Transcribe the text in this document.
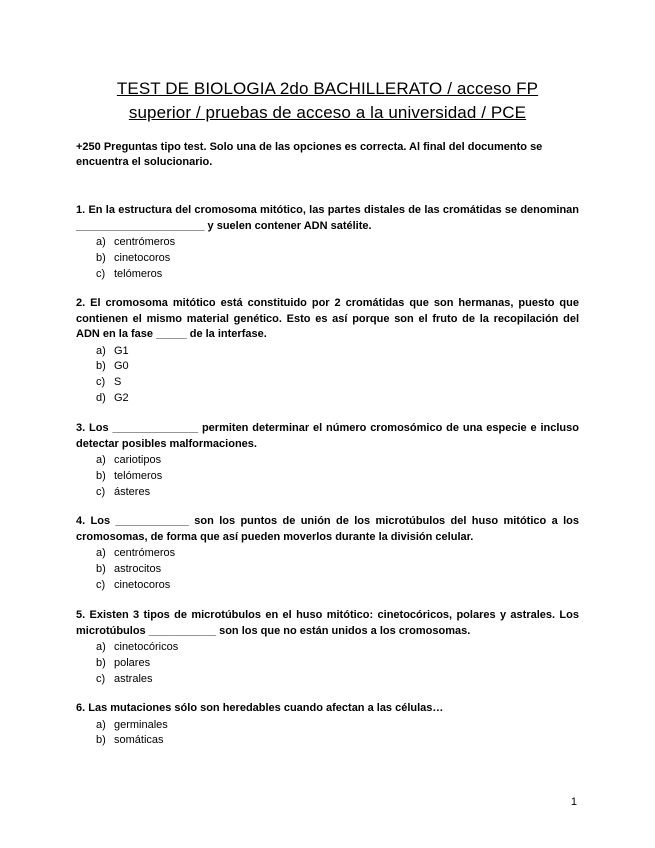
TEST DE BIOLOGIA 2do BACHILLERATO / acceso FP
superior / pruebas de acceso a la universidad / PCE
+250 Preguntas tipo test. Solo una de las opciones es correcta. Al final del documento se encuentra el solucionario.
1. En la estructura del cromosoma mitótico, las partes distales de las cromátidas se denominan _____________________ y suelen contener ADN satélite.
a) centrómeros
b) cinetocoros
c) telómeros
2. El cromosoma mitótico está constituido por 2 cromátidas que son hermanas, puesto que contienen el mismo material genético. Esto es así porque son el fruto de la recopilación del ADN en la fase _____ de la interfase.
a) G1
b) G0
c) S
d) G2
3. Los ______________ permiten determinar el número cromosómico de una especie e incluso detectar posibles malformaciones.
a) cariotipos
b) telómeros
c) ásteres
4. Los ____________ son los puntos de unión de los microtúbulos del huso mitótico a los cromosomas, de forma que así pueden moverlos durante la división celular.
a) centrómeros
b) astrocitos
c) cinetocoros
5. Existen 3 tipos de microtúbulos en el huso mitótico: cinetocóricos, polares y astrales. Los microtúbulos ___________ son los que no están unidos a los cromosomas.
a) cinetocóricos
b) polares
c) astrales
6. Las mutaciones sólo son heredables cuando afectan a las células…
a) germinales
b) somáticas
1
